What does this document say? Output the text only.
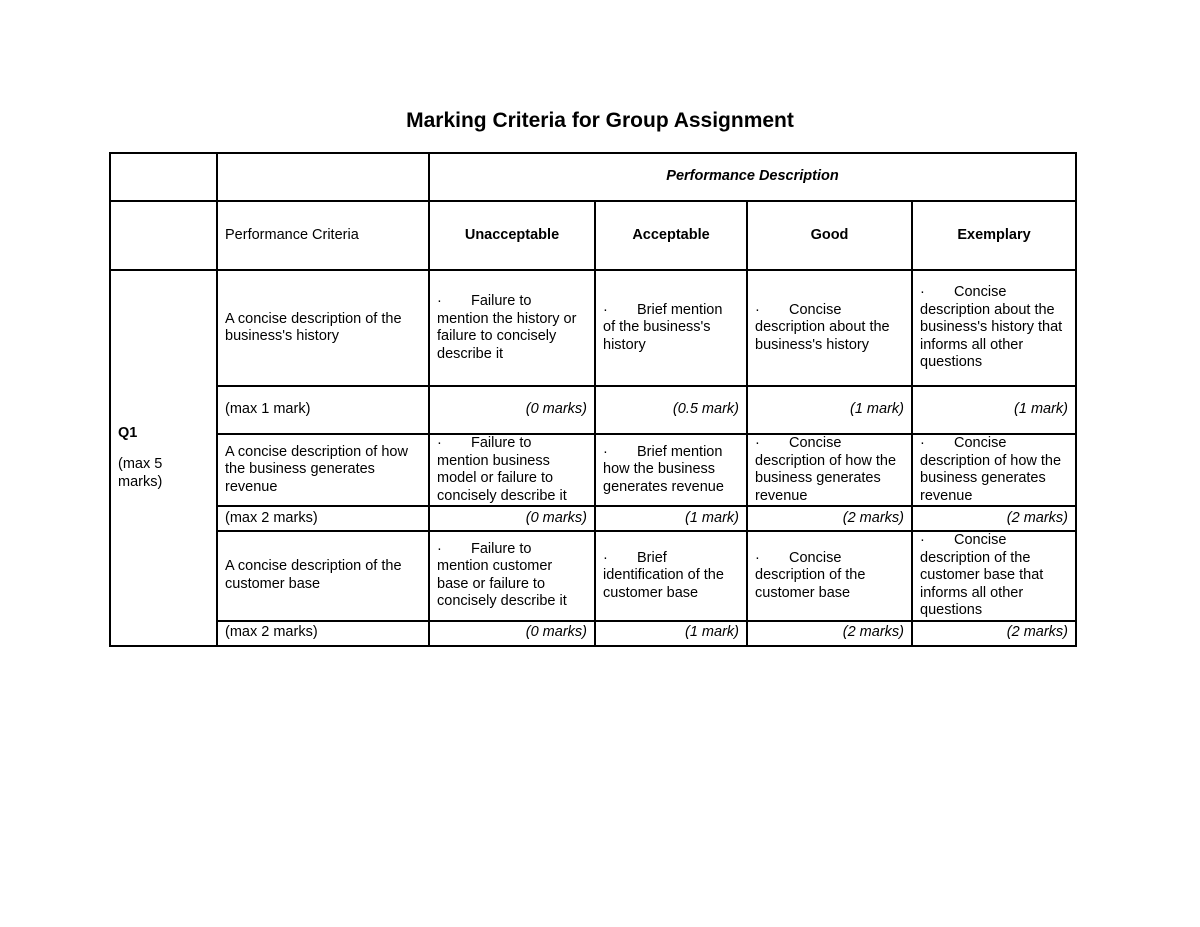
Marking Criteria for Group Assignment
		Performance Description			
	Performance Criteria	Unacceptable	Acceptable	Good	Exemplary

Q1
(max 5 marks)	A concise description of the business's history	· Failure to
mention the history or failure to concisely describe it	· Brief mention
of the business's history	· Concise
description about the business's history	· Concise
description about the business's history that informs all other questions

	(max 1 mark)	(0 marks)	(0.5 mark)	(1 mark)	(1 mark)
	A concise description of how the business generates revenue	· Failure to
mention business model or failure to concisely describe it	· Brief mention
how the business generates revenue	· Concise
description of how the business generates revenue	· Concise
description of how the business generates revenue

	(max 2 marks)	(0 marks)	(1 mark)	(2 marks)	(2 marks)
	A concise description of the customer base	· Failure to
mention customer base or failure to concisely describe it	· Brief
identification of the customer base	· Concise
description of the customer base	· Concise
description of the customer base that informs all other questions

	(max 2 marks)	(0 marks)	(1 mark)	(2 marks)	(2 marks)
